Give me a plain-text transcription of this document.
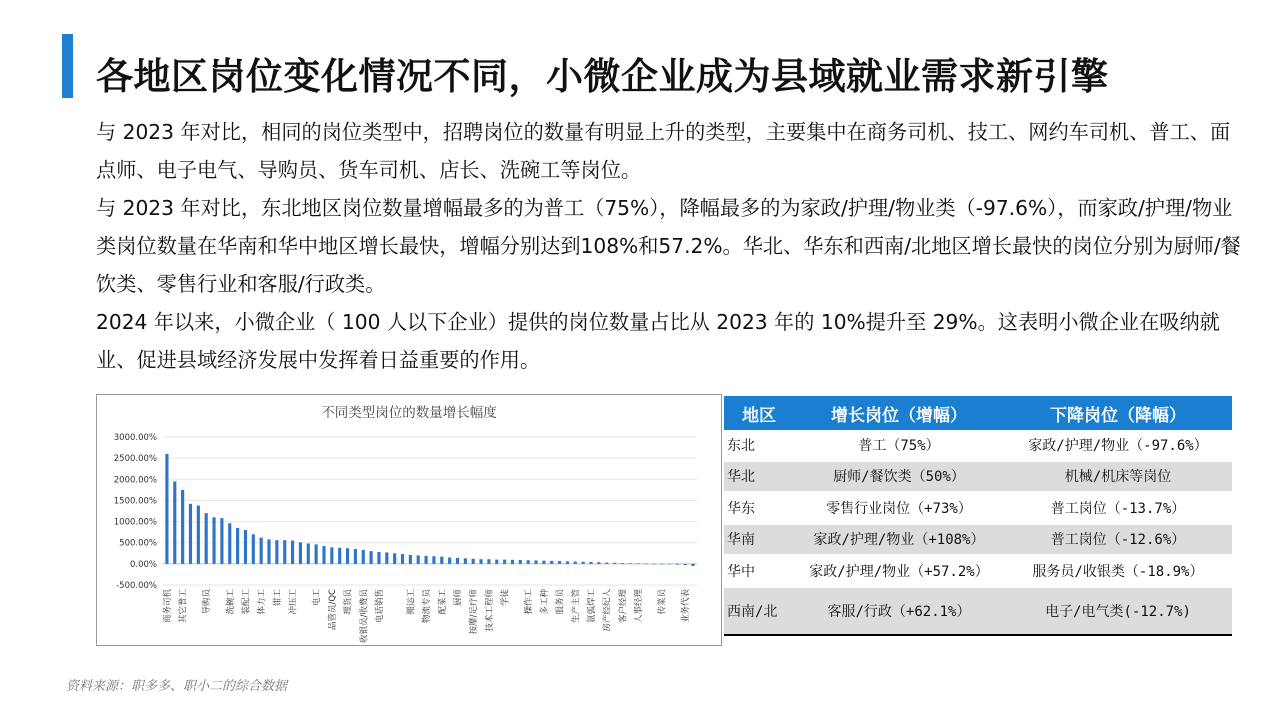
各地区岗位变化情况不同，小微企业成为县域就业需求新引擎

与 2023 年对比，相同的岗位类型中，招聘岗位的数量有明显上升的类型，主要集中在商务司机、技工、网约车司机、普工、面点师、电子电气、导购员、货车司机、店长、洗碗工等岗位。

与 2023 年对比，东北地区岗位数量增幅最多的为普工（75%），降幅最多的为家政/护理/物业类（-97.6%），而家政/护理/物业类岗位数量在华南和华中地区增长最快，增幅分别达到108%和57.2%。华北、华东和西南/北地区增长最快的岗位分别为厨师/餐饮类、零售行业和客服/行政类。

2024 年以来，小微企业（ 100 人以下企业）提供的岗位数量占比从 2023 年的 10%提升至 29%。这表明小微企业在吸纳就业、促进县域经济发展中发挥着日益重要的作用。

不同类型岗位的数量增长幅度
3000.00%
2500.00%
2000.00%
1500.00%
1000.00%
500.00%
0.00%
-500.00%
商务司机 其它普工 导购员 洗碗工 装配工 体力工 钳工 冲压工 电工 品管员/QC 理货员 收银员/收费员 电话销售	搬运工 物流专员 配菜工 厨师 按摩/足疗师 技术工程师 学徒 操作工 多工种 服务员 生产主管 氩弧焊工 房产经纪人 客户经理 人事经理 传菜员 业务代表
地区	增长岗位（增幅）	下降岗位（降幅）
东北	普工（75%）	家政/护理/物业（-97.6%）
华北	厨师/餐饮类（50%）	机械/机床等岗位
华东	零售行业岗位（+73%）	普工岗位（-13.7%）
华南	家政/护理/物业（+108%）	普工岗位（-12.6%）
华中	家政/护理/物业（+57.2%）	服务员/收银类（-18.9%）
西南/北	客服/行政（+62.1%）	电子/电气类(-12.7%)
资料来源：职多多、职小二的综合数据
